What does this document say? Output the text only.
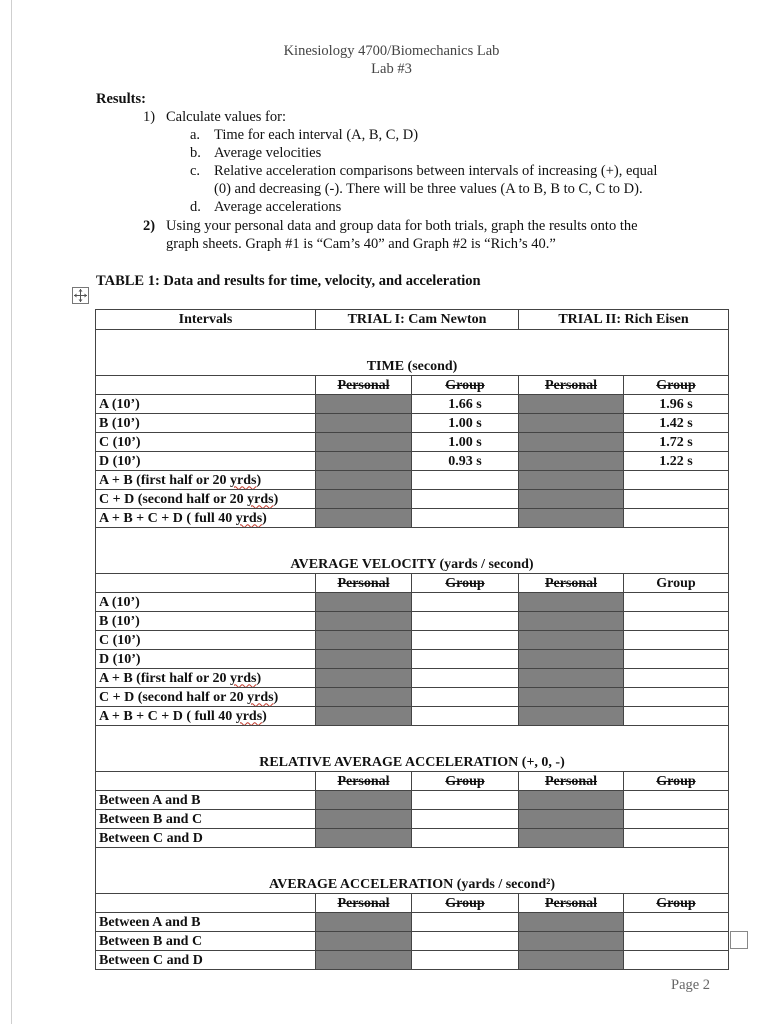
Kinesiology 4700/Biomechanics Lab
Lab #3
Results:
1) Calculate values for:
a. Time for each interval (A, B, C, D)
b. Average velocities
c. Relative acceleration comparisons between intervals of increasing (+), equal
(0) and decreasing (-). There will be three values (A to B, B to C, C to D).
d. Average accelerations
2) Using your personal data and group data for both trials, graph the results onto the
graph sheets. Graph #1 is “Cam’s 40” and Graph #2 is “Rich’s 40.”
TABLE 1: Data and results for time, velocity, and acceleration
Intervals	TRIAL I: Cam Newton		TRIAL II: Rich Eisen	

TIME (second)				
	Personal	Group	Personal	Group
A (10’)		1.66 s		1.96 s
B (10’)		1.00 s		1.42 s
C (10’)		1.00 s		1.72 s
D (10’)		0.93 s		1.22 s
A + B (first half or 20 yrds)				
C + D (second half or 20 yrds)				
A + B + C + D ( full 40 yrds)				

AVERAGE VELOCITY (yards / second)				
	Personal	Group	Personal	Group
A (10’)				
B (10’)				
C (10’)				
D (10’)				
A + B (first half or 20 yrds)				
C + D (second half or 20 yrds)				
A + B + C + D ( full 40 yrds)				

RELATIVE AVERAGE ACCELERATION (+, 0, -)				
	Personal	Group	Personal	Group
Between A and B				
Between B and C				
Between C and D				

AVERAGE ACCELERATION (yards / second²)				
	Personal	Group	Personal	Group
Between A and B				
Between B and C				
Between C and D				
Page 2
